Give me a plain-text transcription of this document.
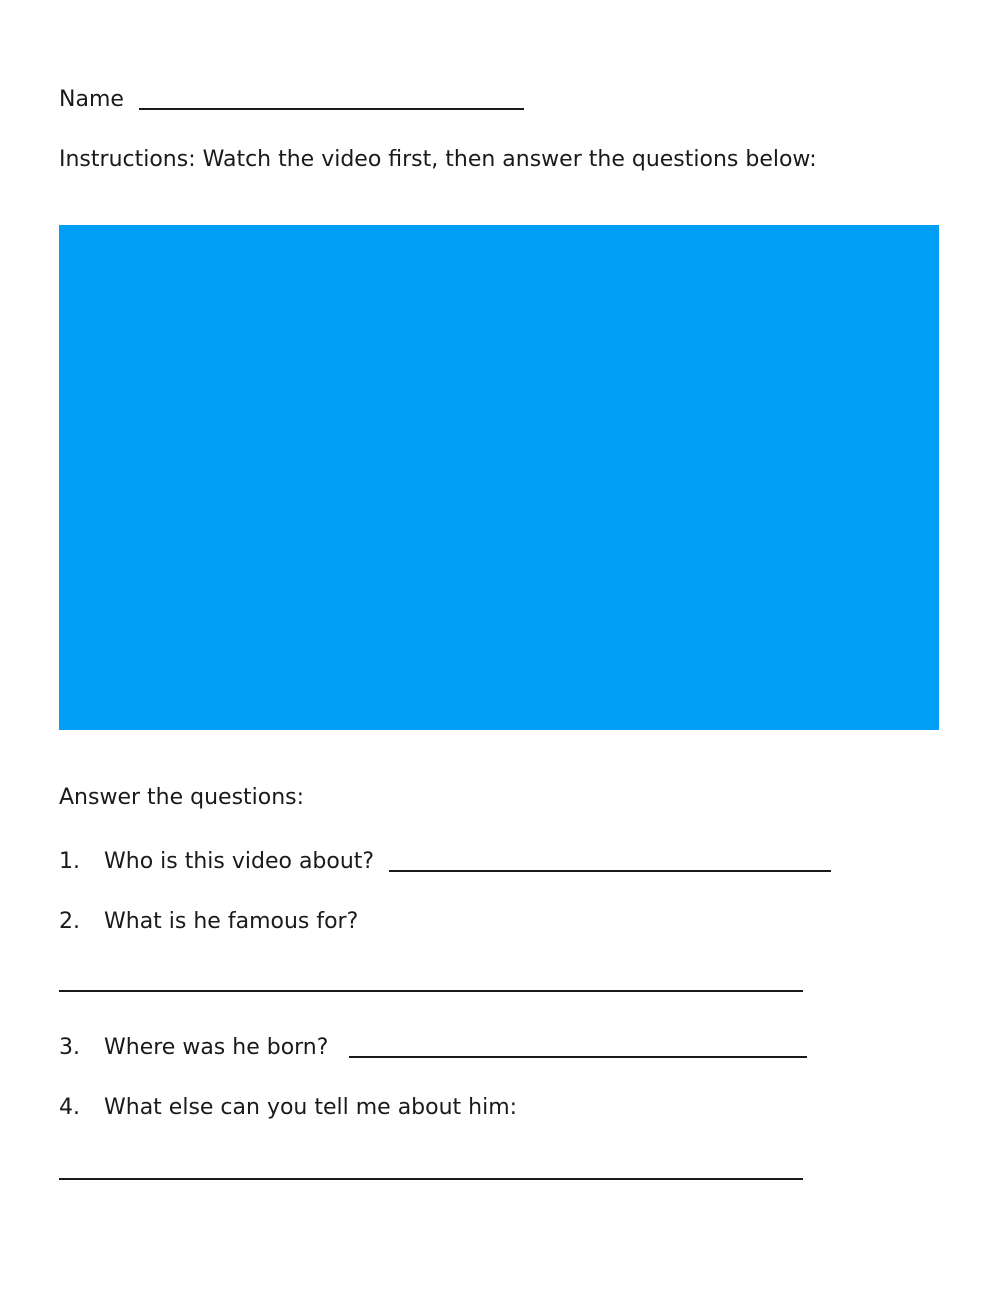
Name
Instructions: Watch the video first, then answer the questions below:
Answer the questions:
1. Who is this video about?
2. What is he famous for?
3. Where was he born?
4. What else can you tell me about him:
